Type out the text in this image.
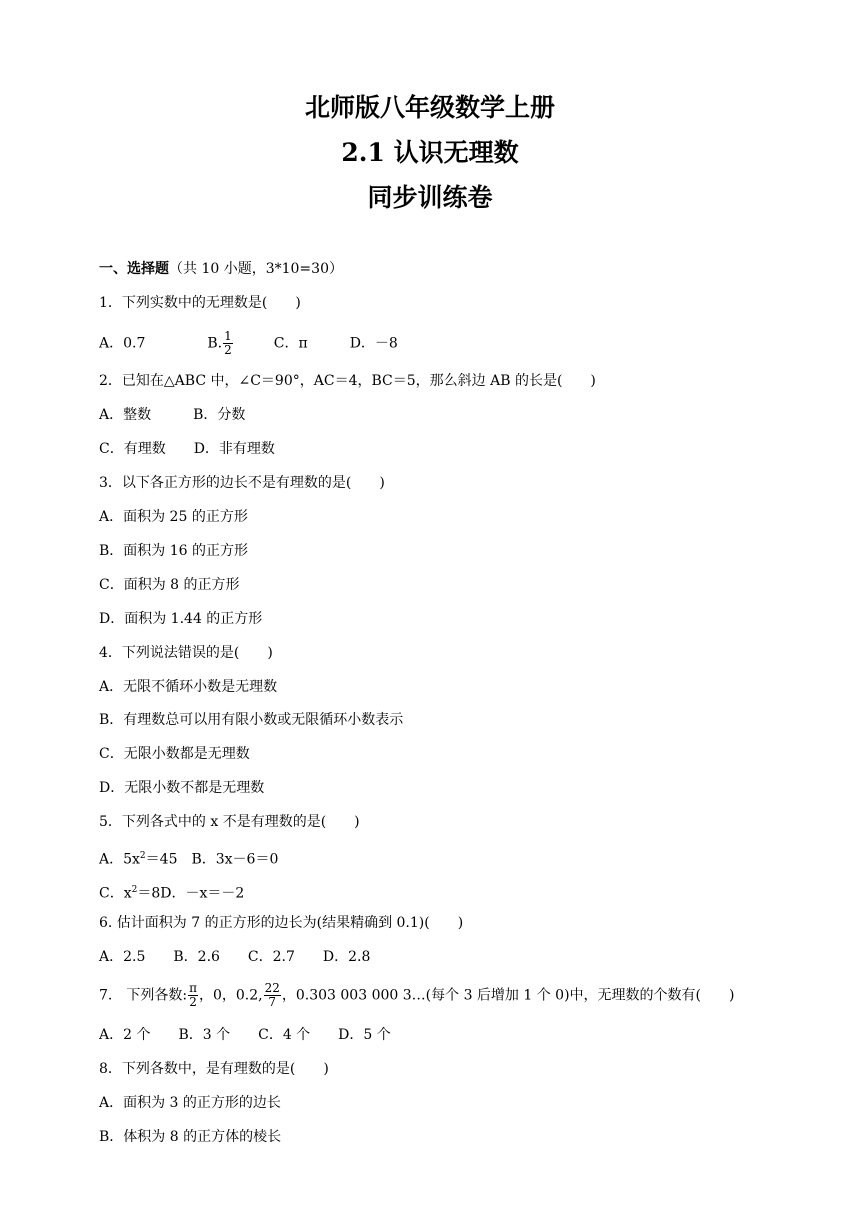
北师版八年级数学上册
2.1 认识无理数
同步训练卷
一、选择题（共 10 小题，3*10=30）
1．下列实数中的无理数是(　　)
A．0.7	B. $\frac{1}{2}$	C．π	D．－8
2．已知在△ABC 中，∠C＝90°，AC＝4，BC＝5，那么斜边 AB 的长是(　　)
A．整数　　　B．分数
C．有理数　　D．非有理数
3．以下各正方形的边长不是有理数的是(　　)
A．面积为 25 的正方形
B．面积为 16 的正方形
C．面积为 8 的正方形
D．面积为 1.44 的正方形
4．下列说法错误的是(　　)
A．无限不循环小数是无理数
B．有理数总可以用有限小数或无限循环小数表示
C．无限小数都是无理数
D．无限小数不都是无理数
5．下列各式中的 x 不是有理数的是(　　)
A．$5x^2=45$　B．3x－6＝0
C．$x^2=8D$．－x＝－2
6. 估计面积为 7 的正方形的边长为(结果精确到 0.1)(　　)
A．2.5　　B．2.6　　C．2.7　　D．2.8
7.　下列各数: $\frac{\pi}{2}$ ，0，0.2, $\frac{22}{7}$ ，0.303 003 000 3…(每个 3 后增加 1 个 0)中，无理数的个数有(　　)
A．2 个　　B．3 个　　C．4 个　　D．5 个
8．下列各数中，是有理数的是(　　)
A．面积为 3 的正方形的边长
B．体积为 8 的正方体的棱长
